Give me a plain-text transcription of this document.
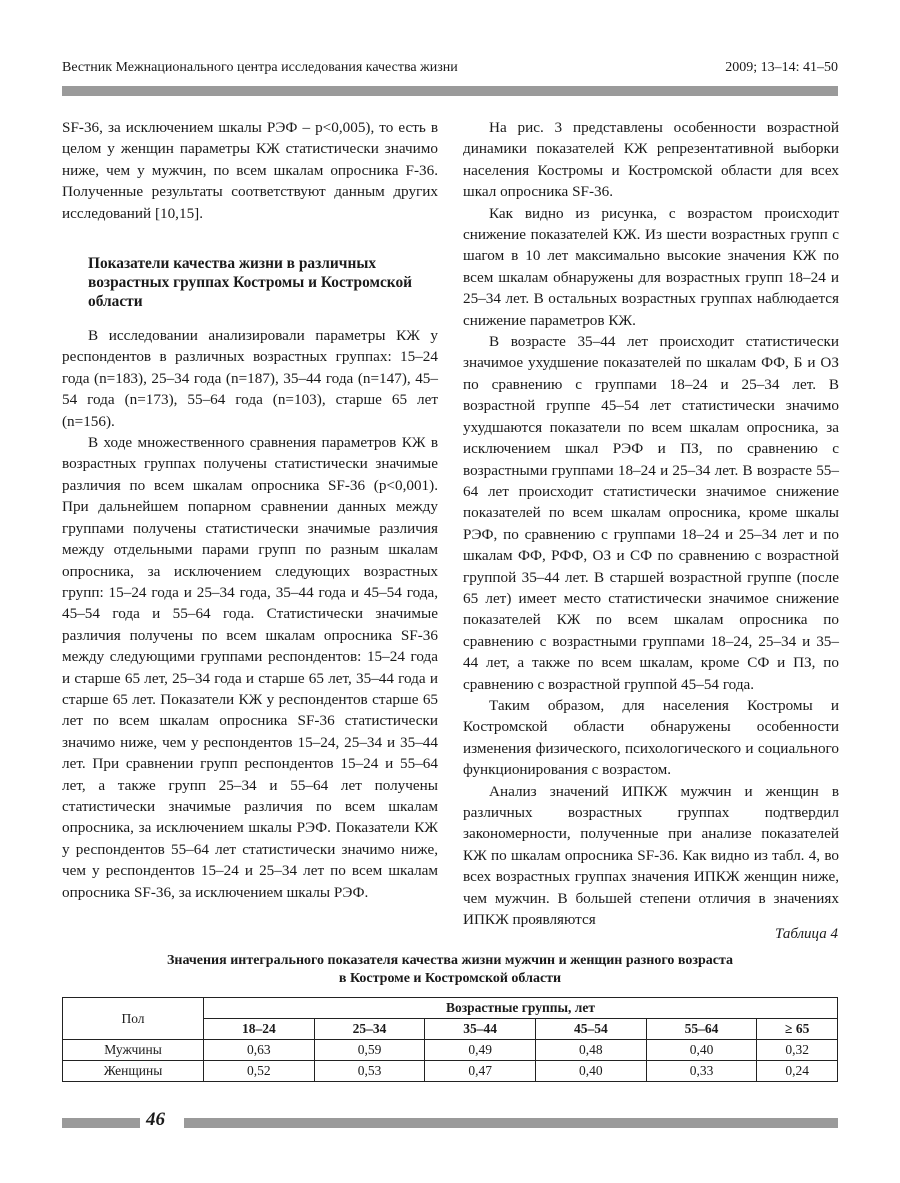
Вестник Межнационального центра исследования качества жизни	2009; 13–14: 41–50

SF-36, за исключением шкалы РЭФ – p<0,005), то есть в целом у женщин параметры КЖ статистически значимо ниже, чем у мужчин, по всем шкалам опросника F-36. Полученные результаты соответствуют данным других исследований [10,15].

Показатели качества жизни в различных возрастных группах Костромы и Костромской области

В исследовании анализировали параметры КЖ у респондентов в различных возрастных группах: 15–24 года (n=183), 25–34 года (n=187), 35–44 года (n=147), 45–54 года (n=173), 55–64 года (n=103), старше 65 лет (n=156).

В ходе множественного сравнения параметров КЖ в возрастных группах получены статистически значимые различия по всем шкалам опросника SF-36 (p<0,001). При дальнейшем попарном сравнении данных между группами получены статистически значимые различия между отдельными парами групп по разным шкалам опросника, за исключением следующих возрастных групп: 15–24 года и 25–34 года, 35–44 года и 45–54 года, 45–54 года и 55–64 года. Статистически значимые различия получены по всем шкалам опросника SF-36 между следующими группами респондентов: 15–24 года и старше 65 лет, 25–34 года и старше 65 лет, 35–44 года и старше 65 лет. Показатели КЖ у респондентов старше 65 лет по всем шкалам опросника SF-36 статистически значимо ниже, чем у респондентов 15–24, 25–34 и 35–44 лет. При сравнении групп респондентов 15–24 и 55–64 лет, а также групп 25–34 и 55–64 лет получены статистически значимые различия по всем шкалам опросника, за исключением шкалы РЭФ. Показатели КЖ у респондентов 55–64 лет статистически значимо ниже, чем у респондентов 15–24 и 25–34 лет по всем шкалам опросника SF-36, за исключением шкалы РЭФ.

На рис. 3 представлены особенности возрастной динамики показателей КЖ репрезентативной выборки населения Костромы и Костромской области для всех шкал опросника SF-36.

Как видно из рисунка, с возрастом происходит снижение показателей КЖ. Из шести возрастных групп с шагом в 10 лет максимально высокие значения КЖ по всем шкалам обнаружены для возрастных групп 18–24 и 25–34 лет. В остальных возрастных группах наблюдается снижение параметров КЖ.

В возрасте 35–44 лет происходит статистически значимое ухудшение показателей по шкалам ФФ, Б и ОЗ по сравнению с группами 18–24 и 25–34 лет. В возрастной группе 45–54 лет статистически значимо ухудшаются показатели по всем шкалам опросника, за исключением шкал РЭФ и ПЗ, по сравнению с возрастными группами 18–24 и 25–34 лет. В возрасте 55–64 лет происходит статистически значимое снижение показателей по всем шкалам опросника, кроме шкалы РЭФ, по сравнению с группами 18–24 и 25–34 лет и по шкалам ФФ, РФФ, ОЗ и СФ по сравнению с возрастной группой 35–44 лет. В старшей возрастной группе (после 65 лет) имеет место статистически значимое снижение показателей КЖ по всем шкалам опросника по сравнению с возрастными группами 18–24, 25–34 и 35–44 лет, а также по всем шкалам, кроме СФ и ПЗ, по сравнению с возрастной группой 45–54 года.

Таким образом, для населения Костромы и Костромской области обнаружены особенности изменения физического, психологического и социального функционирования с возрастом.

Анализ значений ИПКЖ мужчин и женщин в различных возрастных группах подтвердил закономерности, полученные при анализе показателей КЖ по шкалам опросника SF-36. Как видно из табл. 4, во всех возрастных группах значения ИПКЖ женщин ниже, чем мужчин. В большей степени отличия в значениях ИПКЖ проявляются

Таблица 4
Значения интегрального показателя качества жизни мужчин и женщин разного возраста
в Костроме и Костромской области
Пол	Возрастные группы, лет					
	18–24	25–34	35–44	45–54	55–64	≥ 65
Мужчины	0,63	0,59	0,49	0,48	0,40	0,32
Женщины	0,52	0,53	0,47	0,40	0,33	0,24
46
